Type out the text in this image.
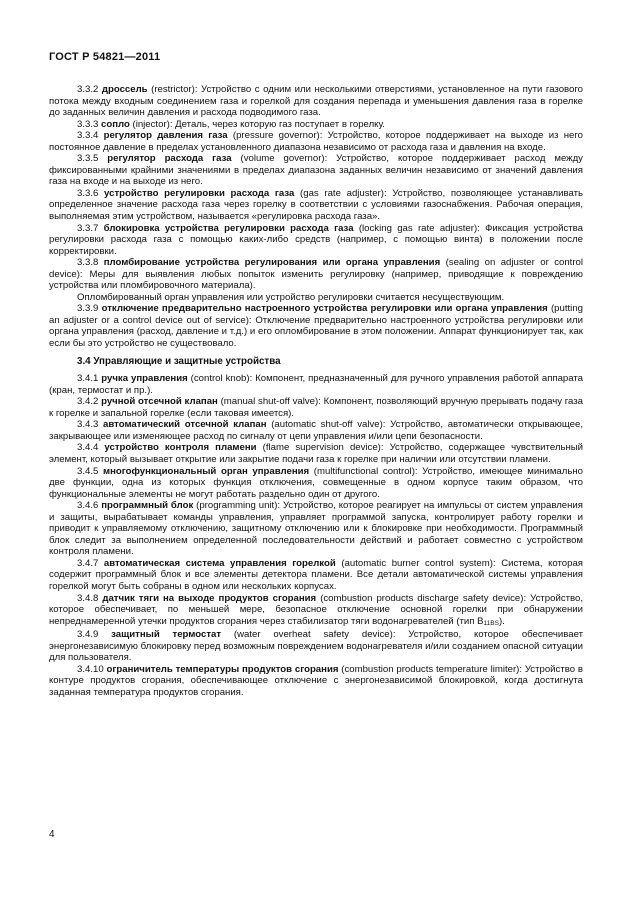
ГОСТ Р 54821—2011

3.3.2 дроссель (restrictor): Устройство с одним или несколькими отверстиями, установленное на пути газового потока между входным соединением газа и горелкой для создания перепада и уменьшения давления газа в горелке до заданных величин давления и расхода подводимого газа.

3.3.3 сопло (injector): Деталь, через которую газ поступает в горелку.

3.3.4 регулятор давления газа (pressure governor): Устройство, которое поддерживает на выходе из него постоянное давление в пределах установленного диапазона независимо от расхода газа и давления на входе.

3.3.5 регулятор расхода газа (volume governor): Устройство, которое поддерживает расход между фиксированными крайними значениями в пределах диапазона заданных величин независимо от значений давления газа на входе и на выходе из него.

3.3.6 устройство регулировки расхода газа (gas rate adjuster): Устройство, позволяющее устанавливать определенное значение расхода газа через горелку в соответствии с условиями газоснабжения. Рабочая операция, выполняемая этим устройством, называется «регулировка расхода газа».

3.3.7 блокировка устройства регулировки расхода газа (locking gas rate adjuster): Фиксация устройства регулировки расхода газа с помощью каких-либо средств (например, с помощью винта) в положении после корректировки.

3.3.8 пломбирование устройства регулирования или органа управления (sealing on adjuster or control device): Меры для выявления любых попыток изменить регулировку (например, приводящие к повреждению устройства или пломбировочного материала).

Опломбированный орган управления или устройство регулировки считается несуществующим.

3.3.9 отключение предварительно настроенного устройства регулировки или органа управления (putting an adjuster or a control device out of service): Отключение предварительно настроенного устройства регулировки или органа управления (расход, давление и т.д.) и его опломбирование в этом положении. Аппарат функционирует так, как если бы это устройство не существовало.

3.4 Управляющие и защитные устройства

3.4.1 ручка управления (control knob): Компонент, предназначенный для ручного управления работой аппарата (кран, термостат и пр.).

3.4.2 ручной отсечной клапан (manual shut-off valve): Компонент, позволяющий вручную прерывать подачу газа к горелке и запальной горелке (если таковая имеется).

3.4.3 автоматический отсечной клапан (automatic shut-off valve): Устройство, автоматически открывающее, закрывающее или изменяющее расход по сигналу от цепи управления и/или цепи безопасности.

3.4.4 устройство контроля пламени (flame supervision device): Устройство, содержащее чувствительный элемент, который вызывает открытие или закрытие подачи газа к горелке при наличии или отсутствии пламени.

3.4.5 многофункциональный орган управления (multifunctional control): Устройство, имеющее минимально две функции, одна из которых функция отключения, совмещенные в одном корпусе таким образом, что функциональные элементы не могут работать раздельно один от другого.

3.4.6 программный блок (programming unit): Устройство, которое реагирует на импульсы от систем управления и защиты, вырабатывает команды управления, управляет программой запуска, контролирует работу горелки и приводит к управляемому отключению, защитному отключению или к блокировке при необходимости. Программный блок следит за выполнением определенной последовательности действий и работает совместно с устройством контроля пламени.

3.4.7 автоматическая система управления горелкой (automatic burner control system): Система, которая содержит программный блок и все элементы детектора пламени. Все детали автоматической системы управления горелкой могут быть собраны в одном или нескольких корпусах.

3.4.8 датчик тяги на выходе продуктов сгорания (combustion products discharge safety device): Устройство, которое обеспечивает, по меньшей мере, безопасное отключение основной горелки при обнаружении непреднамеренной утечки продуктов сгорания через стабилизатор тяги водонагревателей (тип B11BS).

3.4.9 защитный термостат (water overheat safety device): Устройство, которое обеспечивает энергонезависимую блокировку перед возможным повреждением водонагревателя и/или созданием опасной ситуации для пользователя.

3.4.10 ограничитель температуры продуктов сгорания (combustion products temperature limiter): Устройство в контуре продуктов сгорания, обеспечивающее отключение с энергонезависимой блокировкой, когда достигнута заданная температура продуктов сгорания.

4
